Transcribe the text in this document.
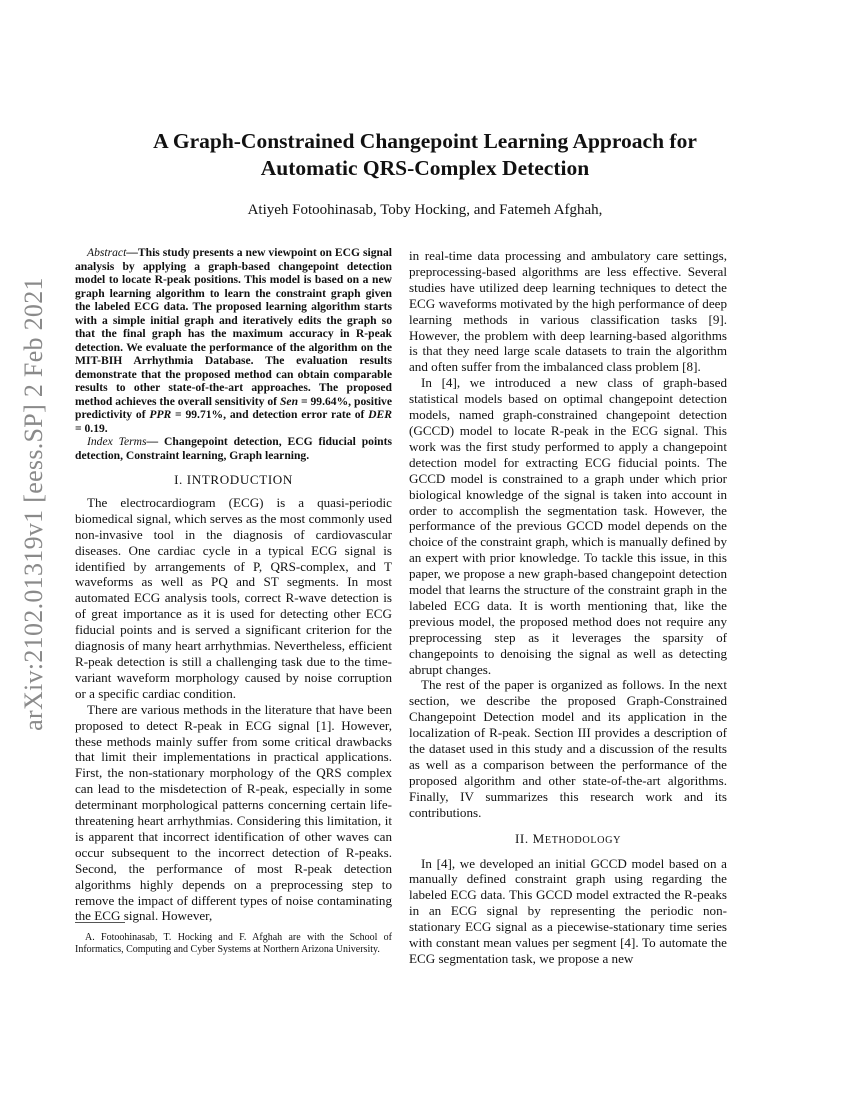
arXiv:2102.01319v1 [eess.SP] 2 Feb 2021
A Graph-Constrained Changepoint Learning Approach for
Automatic QRS-Complex Detection
Atiyeh Fotoohinasab, Toby Hocking, and Fatemeh Afghah,

Abstract—This study presents a new viewpoint on ECG signal analysis by applying a graph-based changepoint detection model to locate R-peak positions. This model is based on a new graph learning algorithm to learn the constraint graph given the labeled ECG data. The proposed learning algorithm starts with a simple initial graph and iteratively edits the graph so that the final graph has the maximum accuracy in R-peak detection. We evaluate the performance of the algorithm on the MIT-BIH Arrhythmia Database. The evaluation results demonstrate that the proposed method can obtain comparable results to other state-of-the-art approaches. The proposed method achieves the overall sensitivity of Sen = 99.64%, positive predictivity of PPR = 99.71%, and detection error rate of DER = 0.19.

Index Terms— Changepoint detection, ECG fiducial points detection, Constraint learning, Graph learning.

I. INTRODUCTION

The electrocardiogram (ECG) is a quasi-periodic biomedical signal, which serves as the most commonly used non-invasive tool in the diagnosis of cardiovascular diseases. One cardiac cycle in a typical ECG signal is identified by arrangements of P, QRS-complex, and T waveforms as well as PQ and ST segments. In most automated ECG analysis tools, correct R-wave detection is of great importance as it is used for detecting other ECG fiducial points and is served a significant criterion for the diagnosis of many heart arrhythmias. Nevertheless, efficient R-peak detection is still a challenging task due to the time-variant waveform morphology caused by noise corruption or a specific cardiac condition.

There are various methods in the literature that have been proposed to detect R-peak in ECG signal [1]. However, these methods mainly suffer from some critical drawbacks that limit their implementations in practical applications. First, the non-stationary morphology of the QRS complex can lead to the misdetection of R-peak, especially in some determinant morphological patterns concerning certain life-threatening heart arrhythmias. Considering this limitation, it is apparent that incorrect identification of other waves can occur subsequent to the incorrect detection of R-peaks. Second, the performance of most R-peak detection algorithms highly depends on a preprocessing step to remove the impact of different types of noise contaminating the ECG signal. However,

in real-time data processing and ambulatory care settings, preprocessing-based algorithms are less effective. Several studies have utilized deep learning techniques to detect the ECG waveforms motivated by the high performance of deep learning methods in various classification tasks [9]. However, the problem with deep learning-based algorithms is that they need large scale datasets to train the algorithm and often suffer from the imbalanced class problem [8].

In [4], we introduced a new class of graph-based statistical models based on optimal changepoint detection models, named graph-constrained changepoint detection (GCCD) model to locate R-peak in the ECG signal. This work was the first study performed to apply a changepoint detection model for extracting ECG fiducial points. The GCCD model is constrained to a graph under which prior biological knowledge of the signal is taken into account in order to accomplish the segmentation task. However, the performance of the previous GCCD model depends on the choice of the constraint graph, which is manually defined by an expert with prior knowledge. To tackle this issue, in this paper, we propose a new graph-based changepoint detection model that learns the structure of the constraint graph in the labeled ECG data. It is worth mentioning that, like the previous model, the proposed method does not require any preprocessing step as it leverages the sparsity of changepoints to denoising the signal as well as detecting abrupt changes.

The rest of the paper is organized as follows. In the next section, we describe the proposed Graph-Constrained Changepoint Detection model and its application in the localization of R-peak. Section III provides a description of the dataset used in this study and a discussion of the results as well as a comparison between the performance of the proposed algorithm and other state-of-the-art algorithms. Finally, IV summarizes this research work and its contributions.

II. METHODOLOGY

In [4], we developed an initial GCCD model based on a manually defined constraint graph using regarding the labeled ECG data. This GCCD model extracted the R-peaks in an ECG signal by representing the periodic non-stationary ECG signal as a piecewise-stationary time series with constant mean values per segment [4]. To automate the ECG segmentation task, we propose a new

A. Fotoohinasab, T. Hocking and F. Afghah are with the School of Informatics, Computing and Cyber Systems at Northern Arizona University.
